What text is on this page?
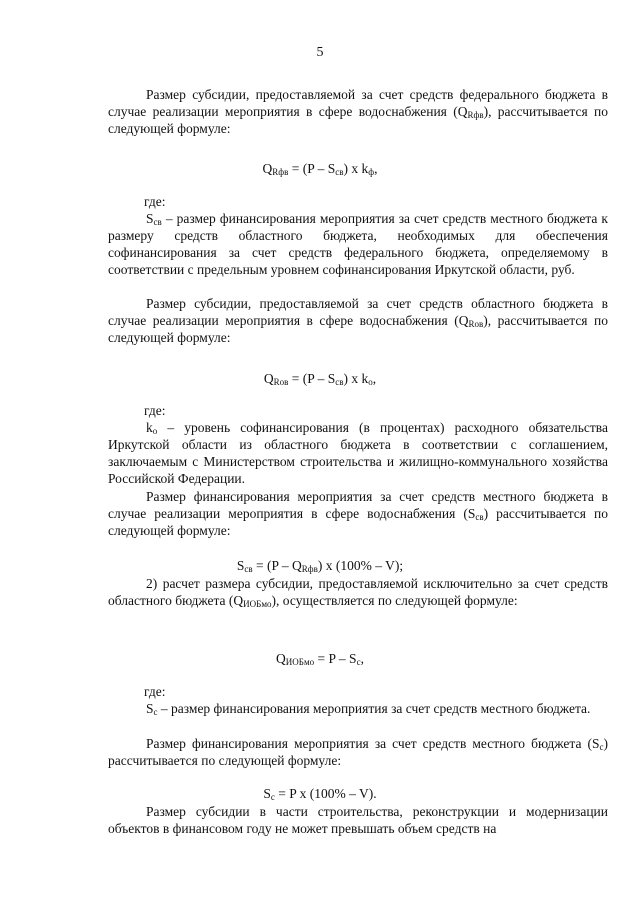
5

Размер субсидии, предоставляемой за счет средств федерального бюджета в случае реализации мероприятия в сфере водоснабжения $(Q_{Rфв})$, рассчитывается по следующей формуле:

$Q_{Rфв} = (P - S_{св})$ x $k_ф$,

где:

$S_{св}$ – размер финансирования мероприятия за счет средств местного бюджета к размеру средств областного бюджета, необходимых для обеспечения софинансирования за счет средств федерального бюджета, определяемому в соответствии с предельным уровнем софинансирования Иркутской области, руб.

Размер субсидии, предоставляемой за счет средств областного бюджета в случае реализации мероприятия в сфере водоснабжения $(Q_{Rов})$, рассчитывается по следующей формуле:

$Q_{Rов} = (P - S_{св})$ x $k_о$,

где:

$k_о$ – уровень софинансирования (в процентах) расходного обязательства Иркутской области из областного бюджета в соответствии с соглашением, заключаемым с Министерством строительства и жилищно-коммунального хозяйства Российской Федерации.

Размер финансирования мероприятия за счет средств местного бюджета в случае реализации мероприятия в сфере водоснабжения $(S_{св})$ рассчитывается по следующей формуле:

$S_{св} = (P - Q_{Rфв})$ x (100% – V);

2) расчет размера субсидии, предоставляемой исключительно за счет средств областного бюджета $(Q_{ИОБмо})$, осуществляется по следующей формуле:

$Q_{ИОБмо} = P - S_c$,

где:

$S_c$ – размер финансирования мероприятия за счет средств местного бюджета.

Размер финансирования мероприятия за счет средств местного бюджета $(S_c)$ рассчитывается по следующей формуле:

$S_c = P$ x (100% – V).

Размер субсидии в части строительства, реконструкции и модернизации объектов в финансовом году не может превышать объем средств на
